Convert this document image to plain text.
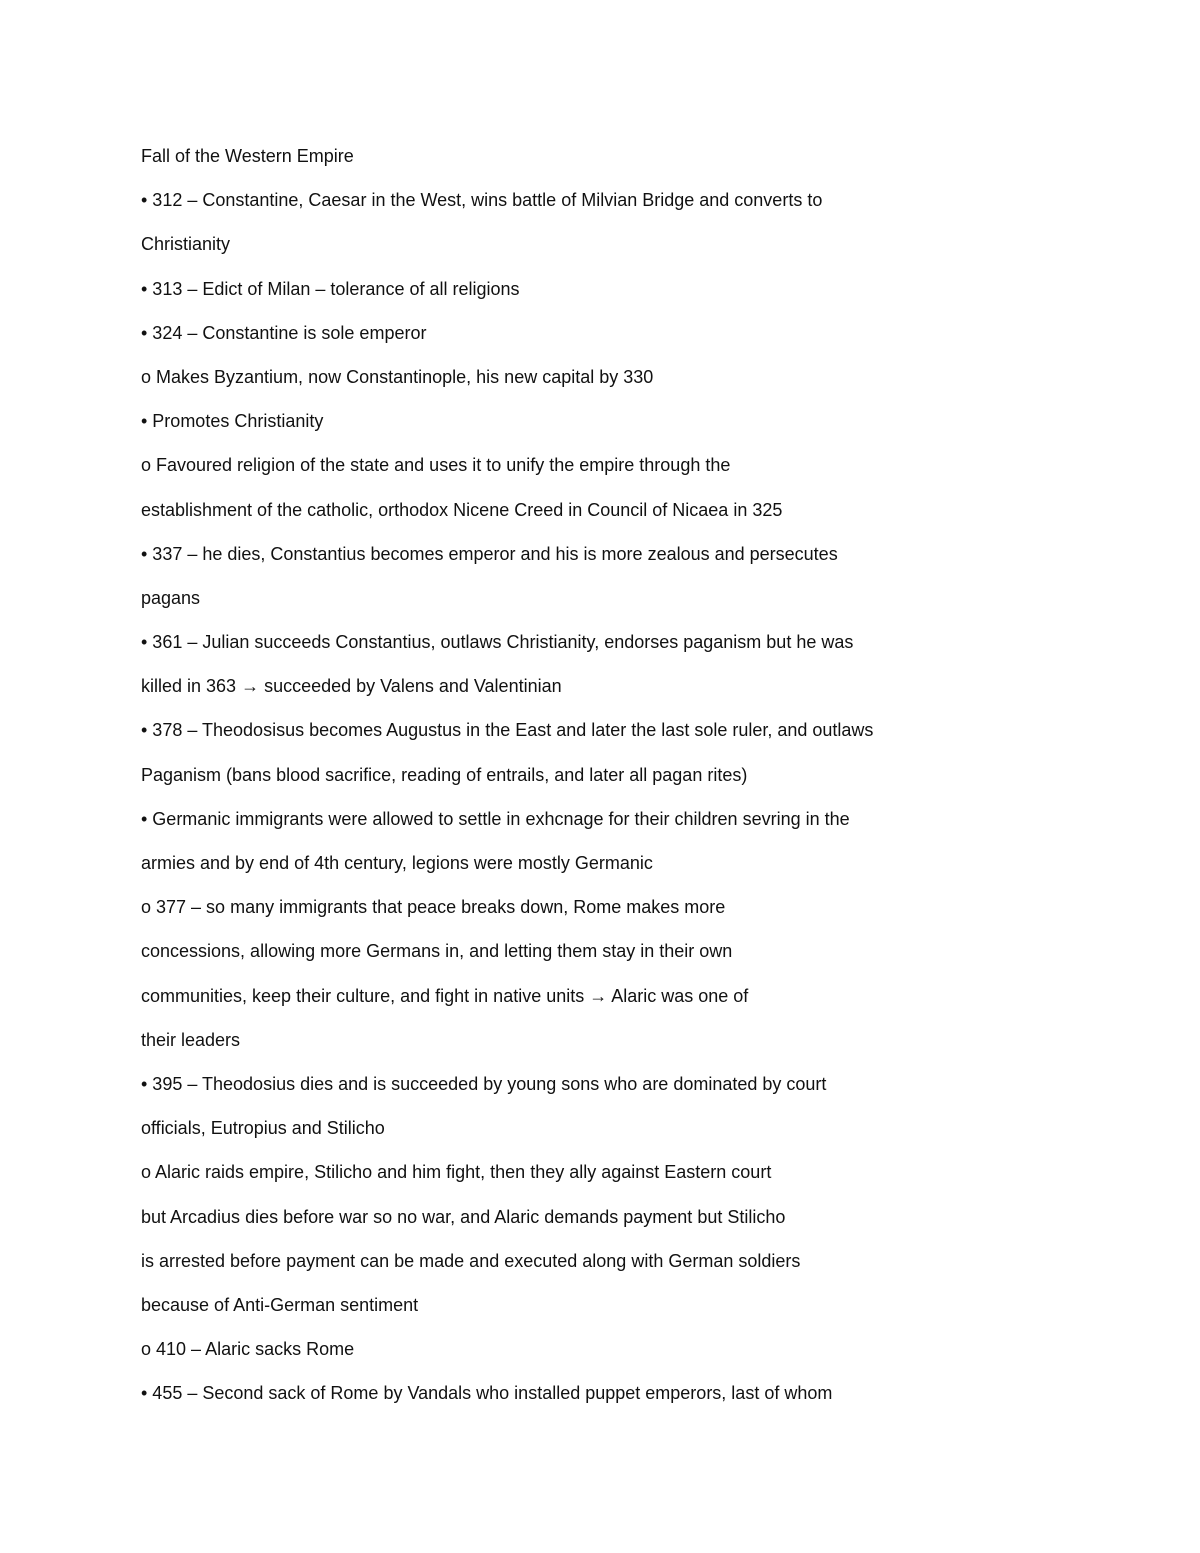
Fall of the Western Empire
• 312 – Constantine, Caesar in the West, wins battle of Milvian Bridge and converts to
Christianity
• 313 – Edict of Milan – tolerance of all religions
• 324 – Constantine is sole emperor
o Makes Byzantium, now Constantinople, his new capital by 330
• Promotes Christianity
o Favoured religion of the state and uses it to unify the empire through the
establishment of the catholic, orthodox Nicene Creed in Council of Nicaea in 325
• 337 – he dies, Constantius becomes emperor and his is more zealous and persecutes
pagans
• 361 – Julian succeeds Constantius, outlaws Christianity, endorses paganism but he was
killed in 363 → succeeded by Valens and Valentinian
• 378 – Theodosisus becomes Augustus in the East and later the last sole ruler, and outlaws
Paganism (bans blood sacrifice, reading of entrails, and later all pagan rites)
• Germanic immigrants were allowed to settle in exhcnage for their children sevring in the
armies and by end of 4th century, legions were mostly Germanic
o 377 – so many immigrants that peace breaks down, Rome makes more
concessions, allowing more Germans in, and letting them stay in their own
communities, keep their culture, and fight in native units → Alaric was one of
their leaders
• 395 – Theodosius dies and is succeeded by young sons who are dominated by court
officials, Eutropius and Stilicho
o Alaric raids empire, Stilicho and him fight, then they ally against Eastern court
but Arcadius dies before war so no war, and Alaric demands payment but Stilicho
is arrested before payment can be made and executed along with German soldiers
because of Anti-German sentiment
o 410 – Alaric sacks Rome
• 455 – Second sack of Rome by Vandals who installed puppet emperors, last of whom
